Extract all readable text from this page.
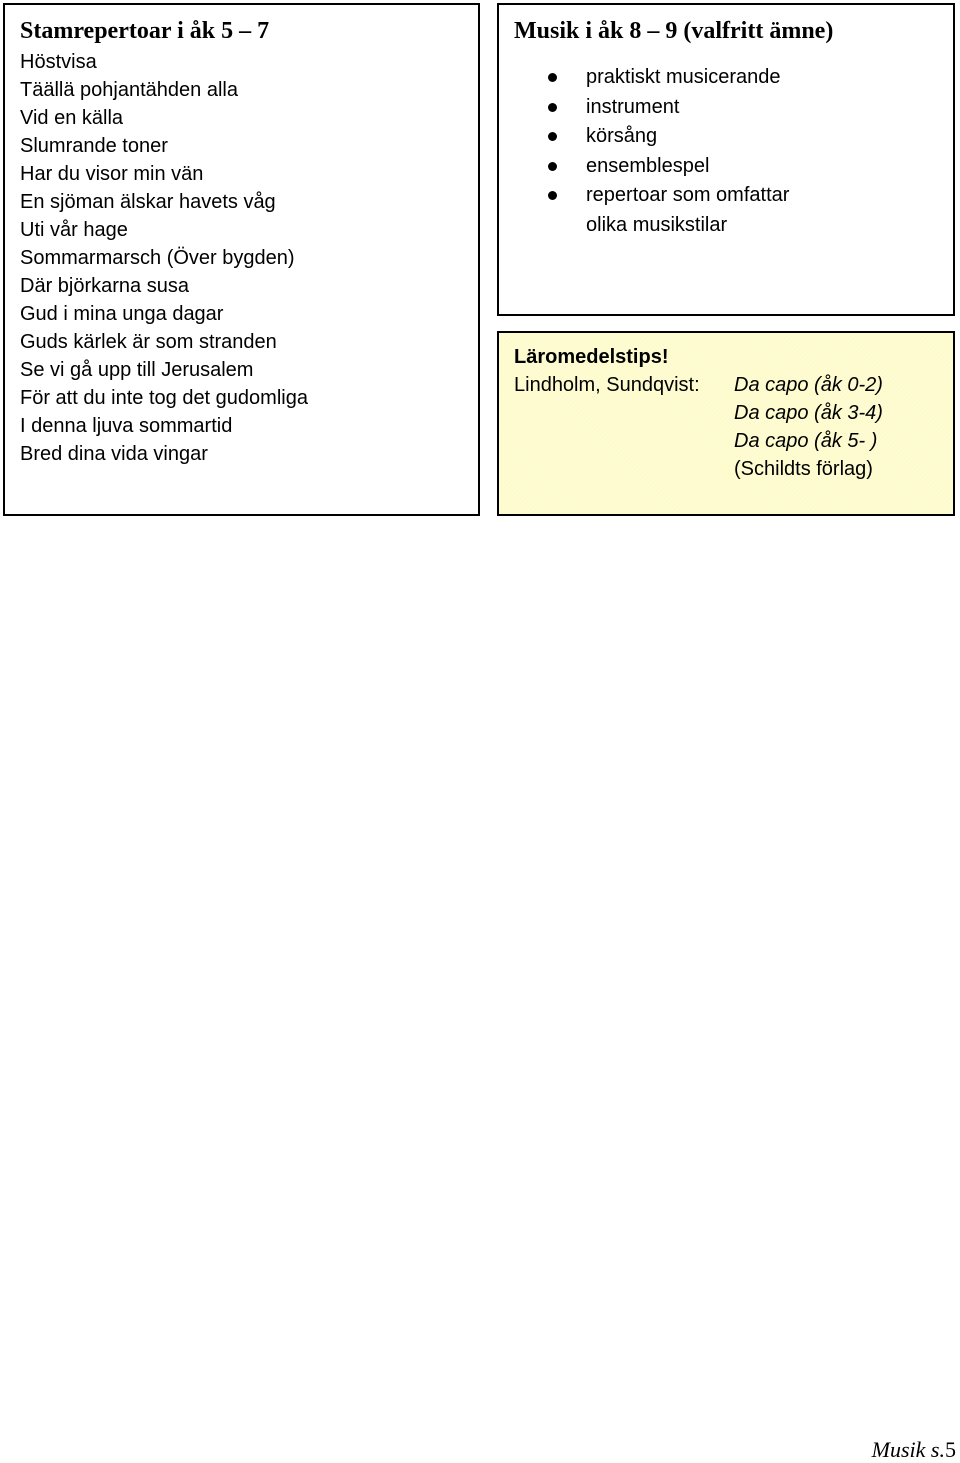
Stamrepertoar i åk 5 – 7
Höstvisa
Täällä pohjantähden alla
Vid en källa
Slumrande toner
Har du visor min vän
En sjöman älskar havets våg
Uti vår hage
Sommarmarsch (Över bygden)
Där björkarna susa
Gud i mina unga dagar
Guds kärlek är som stranden
Se vi gå upp till Jerusalem
För att du inte tog det gudomliga
I denna ljuva sommartid
Bred dina vida vingar
Musik i åk 8 – 9 (valfritt ämne)
praktiskt musicerande
instrument
körsång
ensemblespel
repertoar som omfattar
olika musikstilar
Läromedelstips!
Lindholm, Sundqvist: Da capo (åk 0-2)
Da capo (åk 3-4)
Da capo (åk 5- )
(Schildts förlag)
Musik s.5
